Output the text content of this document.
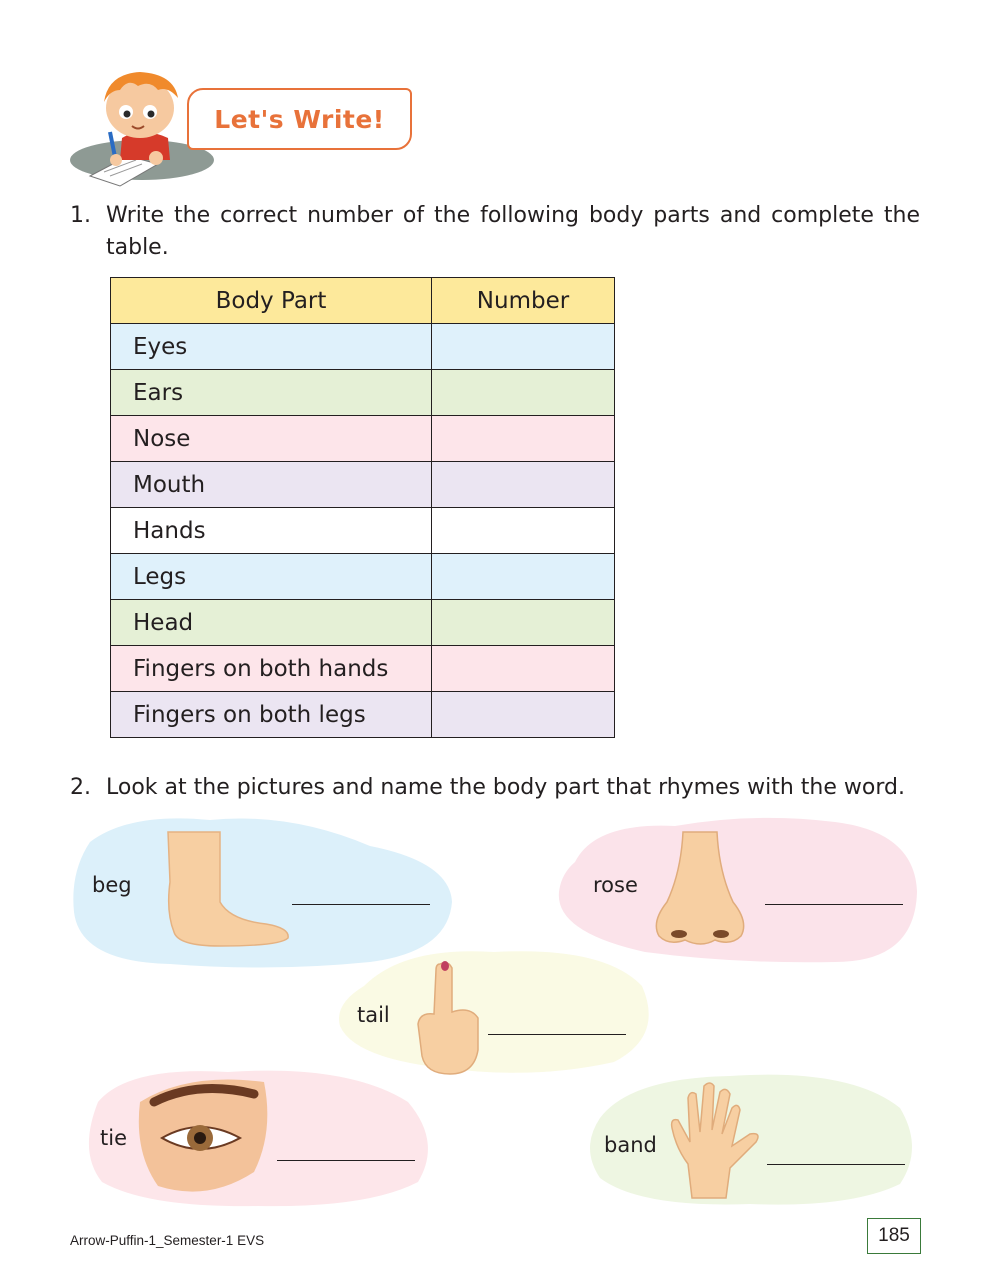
Let's Write!
1. Write the correct number of the following body parts and complete the table.
Body Part	Number
Eyes	
Ears	
Nose	
Mouth	
Hands	
Legs	
Head	
Fingers on both hands	
Fingers on both legs	
2. Look at the pictures and name the body part that rhymes with the word.
beg	rose
tail
tie	band
Arrow-Puffin-1_Semester-1 EVS	185
